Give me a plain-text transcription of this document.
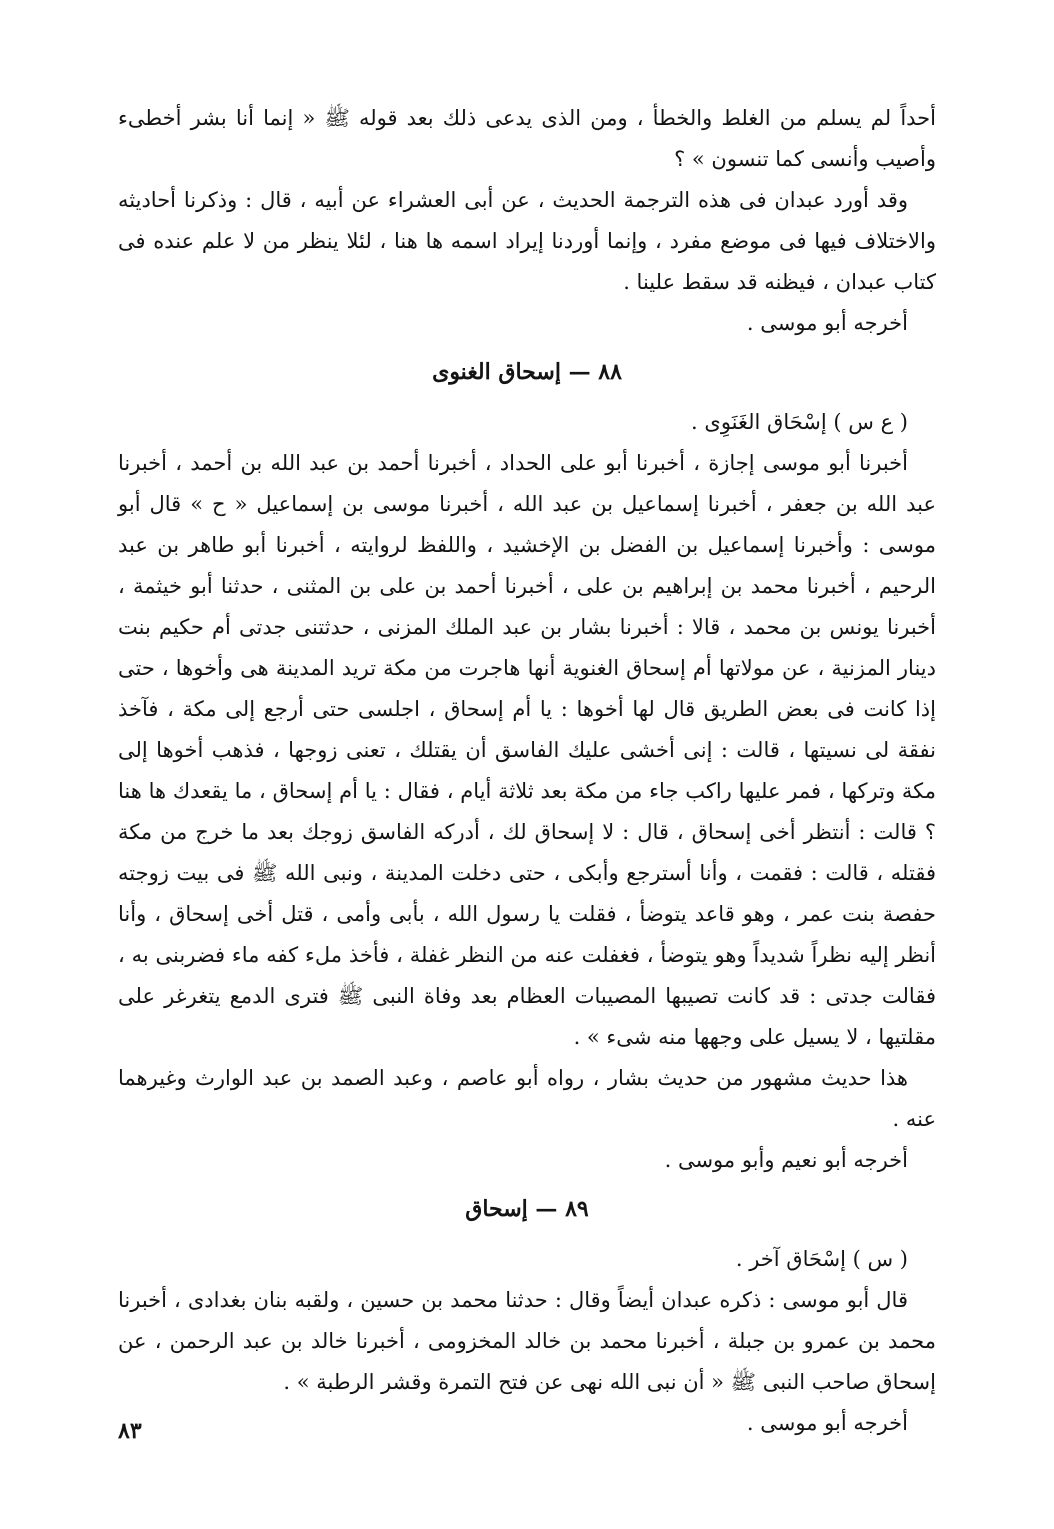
أحداً لم يسلم من الغلط والخطأ ، ومن الذى يدعى ذلك بعد قوله ﷺ « إنما أنا بشر أخطىء وأصيب وأنسى كما تنسون » ؟

وقد أورد عبدان فى هذه الترجمة الحديث ، عن أبى العشراء عن أبيه ، قال : وذكرنا أحاديثه والاختلاف فيها فى موضع مفرد ، وإنما أوردنا إيراد اسمه ها هنا ، لئلا ينظر من لا علم عنده فى كتاب عبدان ، فيظنه قد سقط علينا .

أخرجه أبو موسى .

٨٨ — إسحاق الغنوى

( ع س ) إسْحَاق الغَنَوِى .

أخبرنا أبو موسى إجازة ، أخبرنا أبو على الحداد ، أخبرنا أحمد بن عبد الله بن أحمد ، أخبرنا عبد الله بن جعفر ، أخبرنا إسماعيل بن عبد الله ، أخبرنا موسى بن إسماعيل « ح » قال أبو موسى : وأخبرنا إسماعيل بن الفضل بن الإخشيد ، واللفظ لروايته ، أخبرنا أبو طاهر بن عبد الرحيم ، أخبرنا محمد بن إبراهيم بن على ، أخبرنا أحمد بن على بن المثنى ، حدثنا أبو خيثمة ، أخبرنا يونس بن محمد ، قالا : أخبرنا بشار بن عبد الملك المزنى ، حدثتنى جدتى أم حكيم بنت دينار المزنية ، عن مولاتها أم إسحاق الغنوية أنها هاجرت من مكة تريد المدينة هى وأخوها ، حتى إذا كانت فى بعض الطريق قال لها أخوها : يا أم إسحاق ، اجلسى حتى أرجع إلى مكة ، فآخذ نفقة لى نسيتها ، قالت : إنى أخشى عليك الفاسق أن يقتلك ، تعنى زوجها ، فذهب أخوها إلى مكة وتركها ، فمر عليها راكب جاء من مكة بعد ثلاثة أيام ، فقال : يا أم إسحاق ، ما يقعدك ها هنا ؟ قالت : أنتظر أخى إسحاق ، قال : لا إسحاق لك ، أدركه الفاسق زوجك بعد ما خرج من مكة فقتله ، قالت : فقمت ، وأنا أسترجع وأبكى ، حتى دخلت المدينة ، ونبى الله ﷺ فى بيت زوجته حفصة بنت عمر ، وهو قاعد يتوضأ ، فقلت يا رسول الله ، بأبى وأمى ، قتل أخى إسحاق ، وأنا أنظر إليه نظراً شديداً وهو يتوضأ ، فغفلت عنه من النظر غفلة ، فأخذ ملء كفه ماء فضربنى به ، فقالت جدتى : قد كانت تصيبها المصيبات العظام بعد وفاة النبى ﷺ فترى الدمع يتغرغر على مقلتيها ، لا يسيل على وجهها منه شىء » .

هذا حديث مشهور من حديث بشار ، رواه أبو عاصم ، وعبد الصمد بن عبد الوارث وغيرهما عنه .

أخرجه أبو نعيم وأبو موسى .

٨٩ — إسحاق

( س ) إسْحَاق آخر .

قال أبو موسى : ذكره عبدان أيضاً وقال : حدثنا محمد بن حسين ، ولقبه بنان بغدادى ، أخبرنا محمد بن عمرو بن جبلة ، أخبرنا محمد بن خالد المخزومى ، أخبرنا خالد بن عبد الرحمن ، عن إسحاق صاحب النبى ﷺ « أن نبى الله نهى عن فتح التمرة وقشر الرطبة » .

أخرجه أبو موسى .

٨٣
